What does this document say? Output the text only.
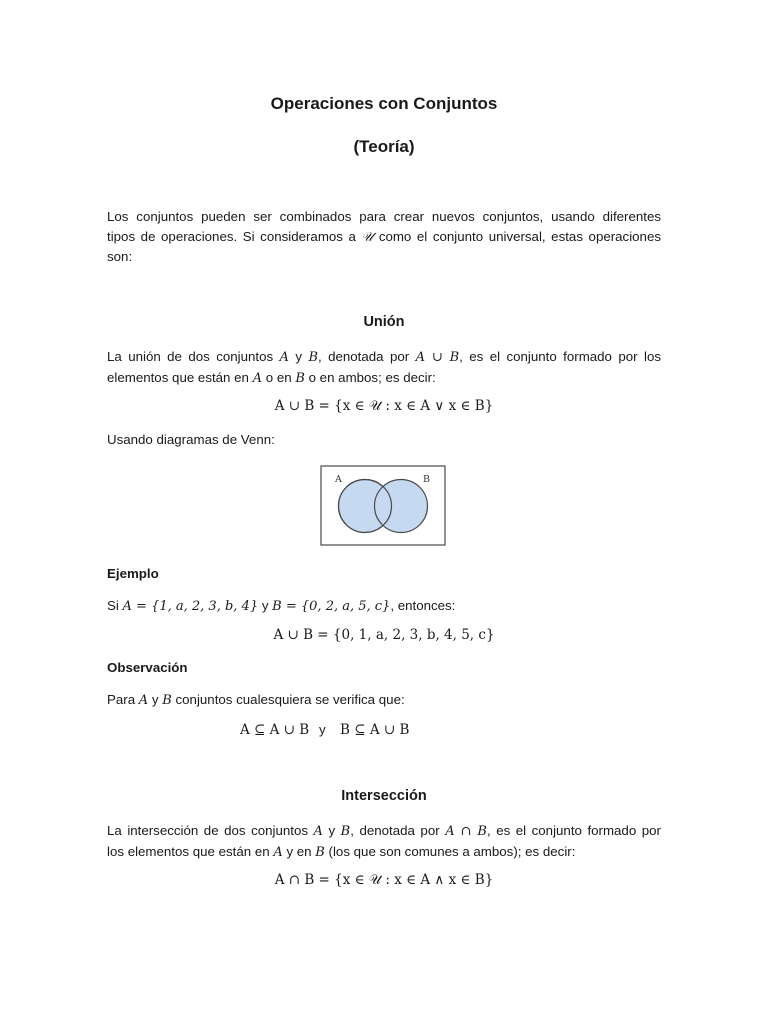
Operaciones con Conjuntos
(Teoría)
Los conjuntos pueden ser combinados para crear nuevos conjuntos, usando diferentes
tipos de operaciones. Si consideramos a 𝒰 como el conjunto universal, estas operaciones
son:
Unión
La unión de dos conjuntos A y B, denotada por A ∪ B, es el conjunto formado por los
elementos que están en A o en B o en ambos; es decir:
A ∪ B = {x ∈ 𝒰 : x ∈ A ∨ x ∈ B}
Usando diagramas de Venn:
A	B
Ejemplo
Si A = {1, a, 2, 3, b, 4} y B = {0, 2, a, 5, c}, entonces:
A ∪ B = {0, 1, a, 2, 3, b, 4, 5, c}
Observación
Para A y B conjuntos cualesquiera se verifica que:
A ⊆ A ∪ B y B ⊆ A ∪ B
Intersección
La intersección de dos conjuntos A y B, denotada por A ∩ B, es el conjunto formado por
los elementos que están en A y en B (los que son comunes a ambos); es decir:
A ∩ B = {x ∈ 𝒰 : x ∈ A ∧ x ∈ B}
